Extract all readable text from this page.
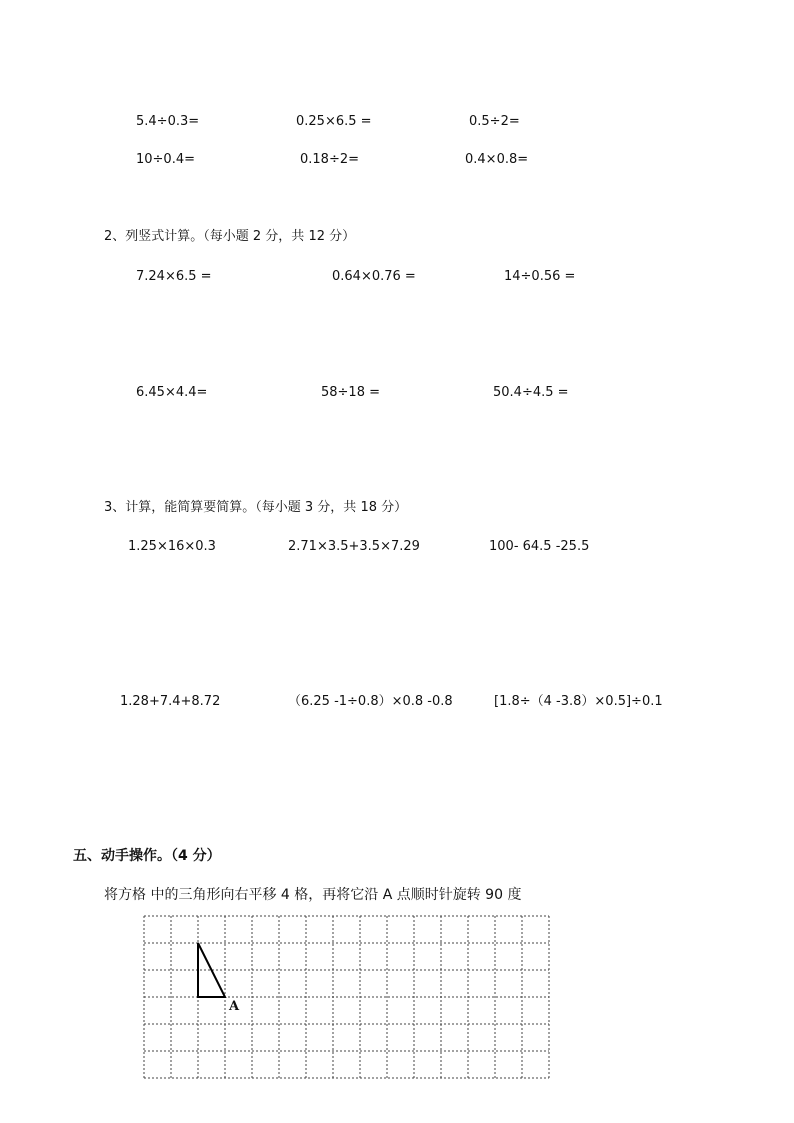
5.4÷0.3=	0.25×6.5 =	0.5÷2=
10÷0.4=	0.18÷2=	0.4×0.8=
2、列竖式计算。（每小题 2 分，共 12 分）
7.24×6.5 =	0.64×0.76 =	14÷0.56 =
6.45×4.4=	58÷18 =	50.4÷4.5 =
3、计算，能简算要简算。（每小题 3 分，共 18 分）
1.25×16×0.3	2.71×3.5+3.5×7.29	100- 64.5 -25.5
1.28+7.4+8.72	（6.25 -1÷0.8）×0.8 -0.8	[1.8÷（4 -3.8）×0.5]÷0.1
五、动手操作。（4 分）
将方格 中的三角形向右平移 4 格，再将它沿 A 点顺时针旋转 90 度
A
